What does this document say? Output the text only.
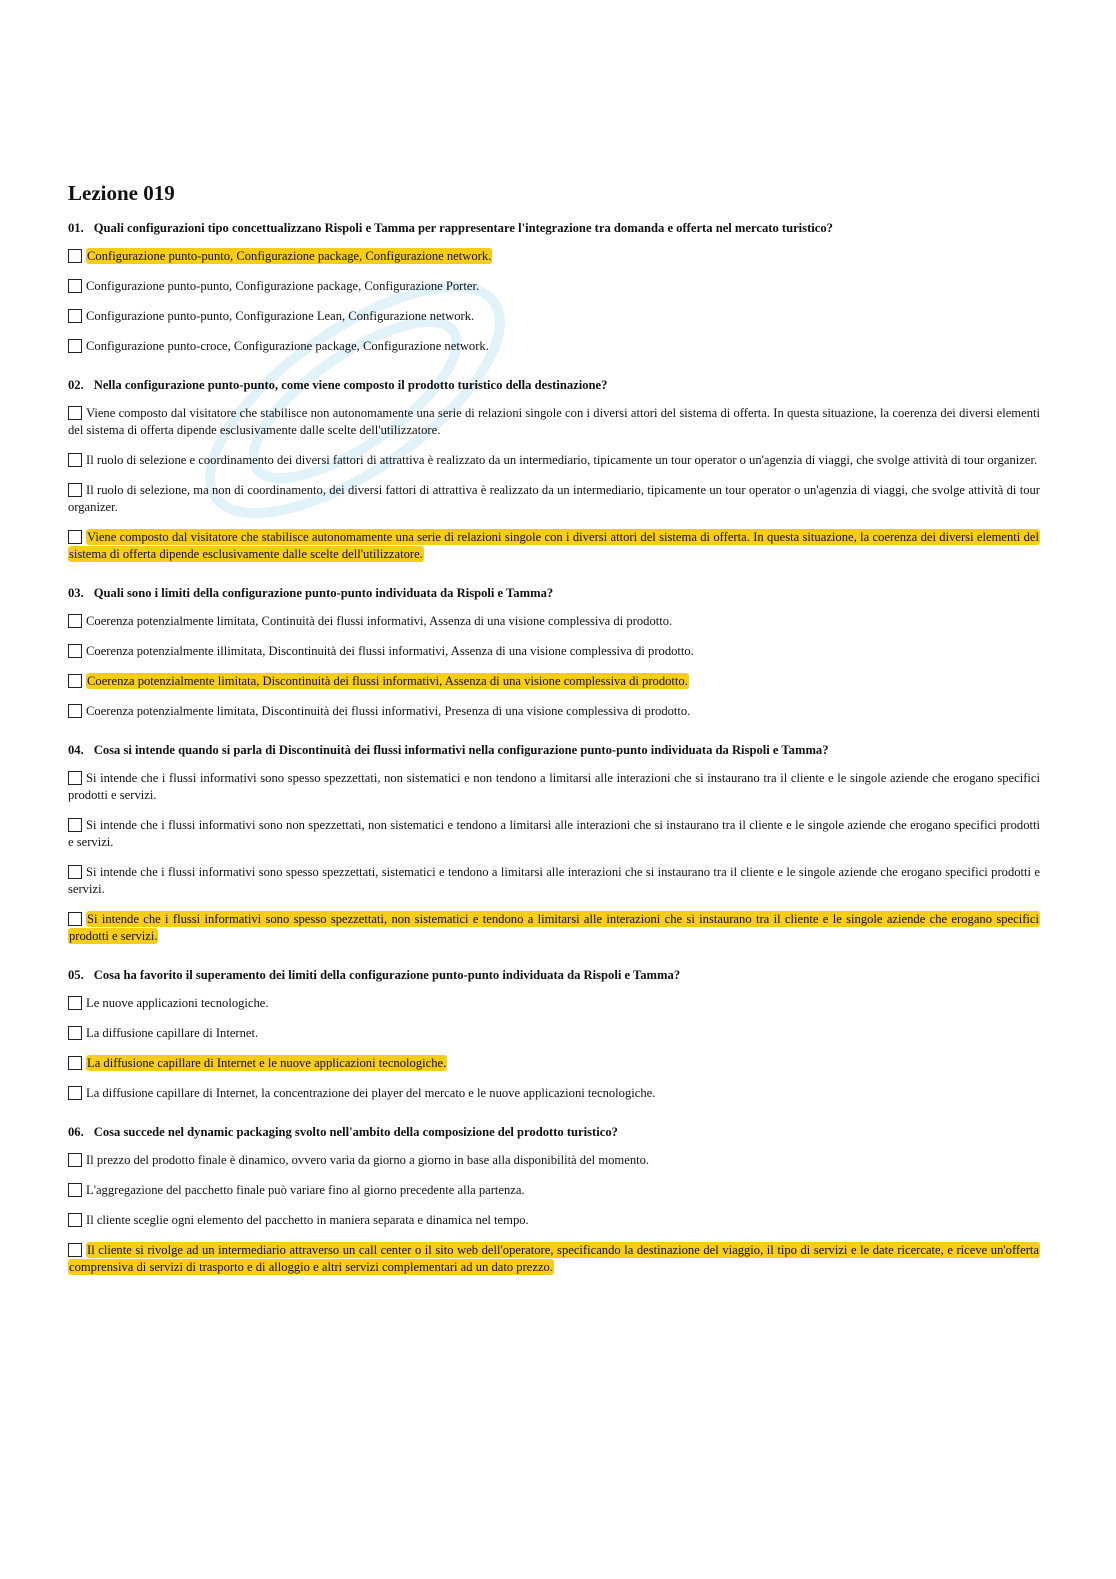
Lezione 019
01. Quali configurazioni tipo concettualizzano Rispoli e Tamma per rappresentare l'integrazione tra domanda e offerta nel mercato turistico?
Configurazione punto-punto, Configurazione package, Configurazione network.
Configurazione punto-punto, Configurazione package, Configurazione Porter.
Configurazione punto-punto, Configurazione Lean, Configurazione network.
Configurazione punto-croce, Configurazione package, Configurazione network.
02. Nella configurazione punto-punto, come viene composto il prodotto turistico della destinazione?
Viene composto dal visitatore che stabilisce non autonomamente una serie di relazioni singole con i diversi attori del sistema di offerta. In questa situazione, la coerenza dei diversi elementi del sistema di offerta dipende esclusivamente dalle scelte dell'utilizzatore.
Il ruolo di selezione e coordinamento dei diversi fattori di attrattiva è realizzato da un intermediario, tipicamente un tour operator o un'agenzia di viaggi, che svolge attività di tour organizer.
Il ruolo di selezione, ma non di coordinamento, dei diversi fattori di attrattiva è realizzato da un intermediario, tipicamente un tour operator o un'agenzia di viaggi, che svolge attività di tour organizer.
Viene composto dal visitatore che stabilisce autonomamente una serie di relazioni singole con i diversi attori del sistema di offerta. In questa situazione, la coerenza dei diversi elementi del sistema di offerta dipende esclusivamente dalle scelte dell'utilizzatore.
03. Quali sono i limiti della configurazione punto-punto individuata da Rispoli e Tamma?
Coerenza potenzialmente limitata, Continuità dei flussi informativi, Assenza di una visione complessiva di prodotto.
Coerenza potenzialmente illimitata, Discontinuità dei flussi informativi, Assenza di una visione complessiva di prodotto.
Coerenza potenzialmente limitata, Discontinuità dei flussi informativi, Assenza di una visione complessiva di prodotto.
Coerenza potenzialmente limitata, Discontinuità dei flussi informativi, Presenza di una visione complessiva di prodotto.
04. Cosa si intende quando si parla di Discontinuità dei flussi informativi nella configurazione punto-punto individuata da Rispoli e Tamma?
Si intende che i flussi informativi sono spesso spezzettati, non sistematici e non tendono a limitarsi alle interazioni che si instaurano tra il cliente e le singole aziende che erogano specifici prodotti e servizi.
Si intende che i flussi informativi sono non spezzettati, non sistematici e tendono a limitarsi alle interazioni che si instaurano tra il cliente e le singole aziende che erogano specifici prodotti e servizi.
Si intende che i flussi informativi sono spesso spezzettati, sistematici e tendono a limitarsi alle interazioni che si instaurano tra il cliente e le singole aziende che erogano specifici prodotti e servizi.
Si intende che i flussi informativi sono spesso spezzettati, non sistematici e tendono a limitarsi alle interazioni che si instaurano tra il cliente e le singole aziende che erogano specifici prodotti e servizi.
05. Cosa ha favorito il superamento dei limiti della configurazione punto-punto individuata da Rispoli e Tamma?
Le nuove applicazioni tecnologiche.
La diffusione capillare di Internet.
La diffusione capillare di Internet e le nuove applicazioni tecnologiche.
La diffusione capillare di Internet, la concentrazione dei player del mercato e le nuove applicazioni tecnologiche.
06. Cosa succede nel dynamic packaging svolto nell'ambito della composizione del prodotto turistico?
Il prezzo del prodotto finale è dinamico, ovvero varia da giorno a giorno in base alla disponibilità del momento.
L'aggregazione del pacchetto finale può variare fino al giorno precedente alla partenza.
Il cliente sceglie ogni elemento del pacchetto in maniera separata e dinamica nel tempo.
Il cliente si rivolge ad un intermediario attraverso un call center o il sito web dell'operatore, specificando la destinazione del viaggio, il tipo di servizi e le date ricercate, e riceve un'offerta comprensiva di servizi di trasporto e di alloggio e altri servizi complementari ad un dato prezzo.
